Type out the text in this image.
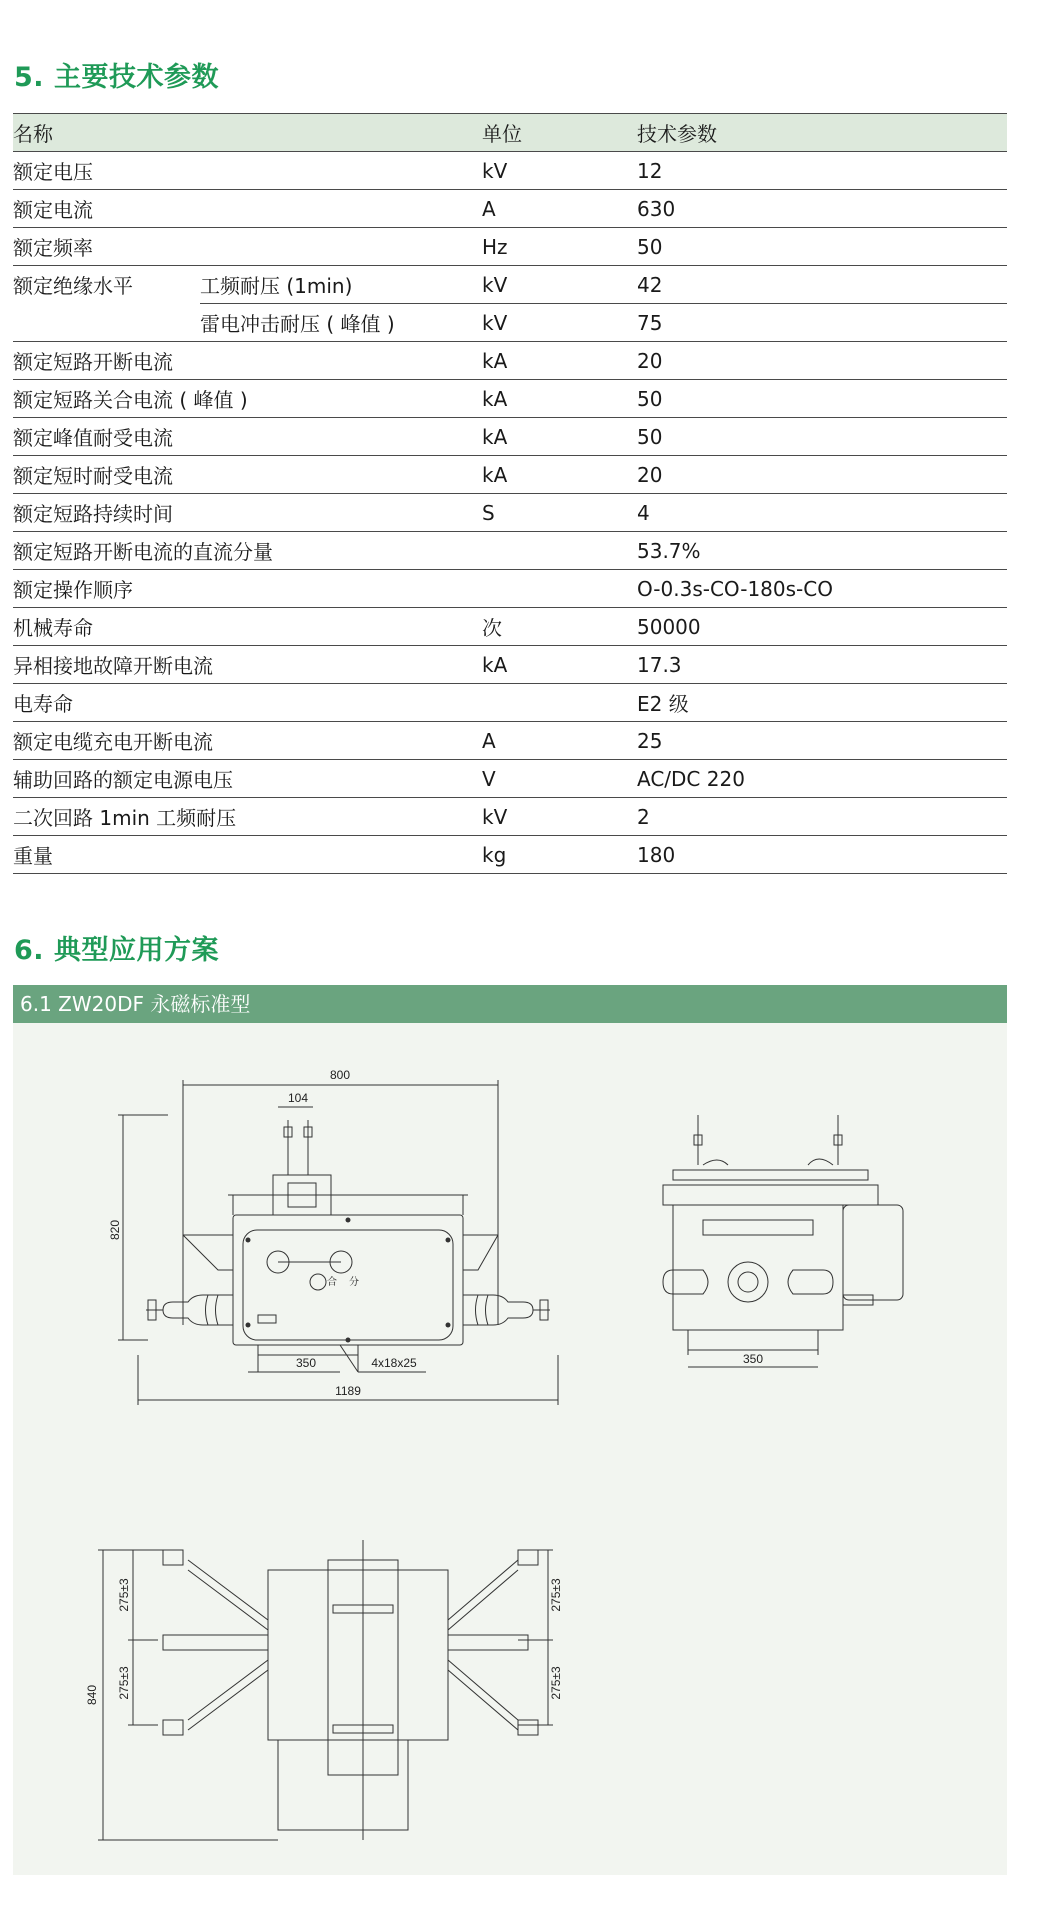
5. 主要技术参数
名称		单位	技术参数
额定电压		kV	12
额定电流		A	630
额定频率		Hz	50
额定绝缘水平	工频耐压 (1min)	kV	42
	雷电冲击耐压 ( 峰值 )	kV	75
额定短路开断电流		kA	20
额定短路关合电流 ( 峰值 )		kA	50
额定峰值耐受电流		kA	50
额定短时耐受电流		kA	20
额定短路持续时间		S	4
额定短路开断电流的直流分量			53.7%
额定操作顺序			O-0.3s-CO-180s-CO
机械寿命		次	50000
异相接地故障开断电流		kA	17.3
电寿命			E2 级
额定电缆充电开断电流		A	25
辅助回路的额定电源电压		V	AC/DC 220
二次回路 1min 工频耐压		kV	2
重量		kg	180
6. 典型应用方案
6.1 ZW20DF 永磁标准型
800
104
820
350	4x18x25
1189
合 分
350
840
275±3
275±3
275±3
275±3
